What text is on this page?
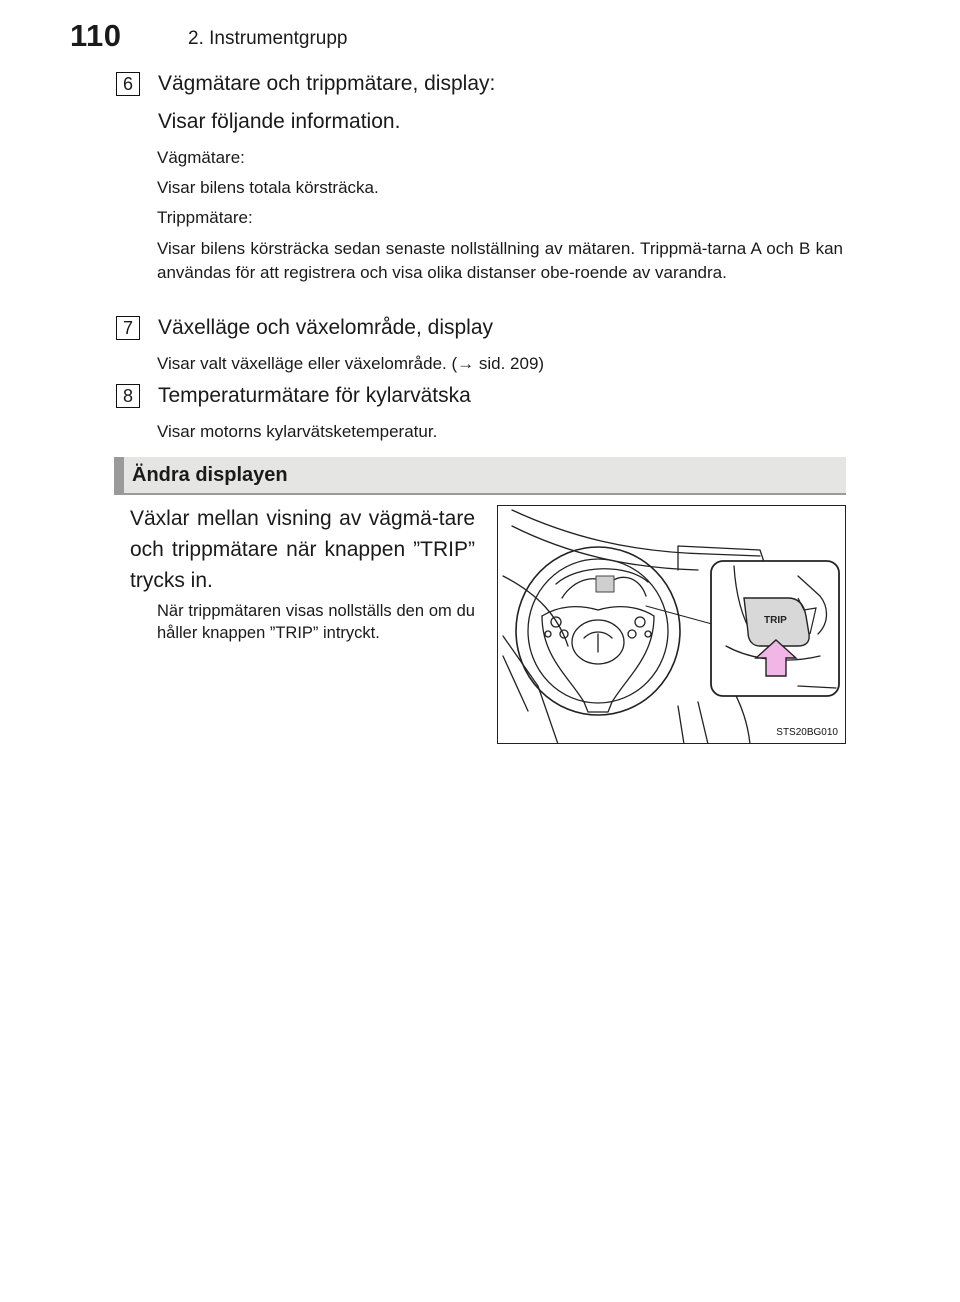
110	2. Instrumentgrupp
6	Vägmätare och trippmätare, display:
Visar följande information.
Vägmätare:
Visar bilens totala körsträcka.
Trippmätare:
Visar bilens körsträcka sedan senaste nollställning av mätaren. Trippmä-tarna A och B kan användas för att registrera och visa olika distanser obe-roende av varandra.
7	Växelläge och växelområde, display
Visar valt växelläge eller växelområde. (→ sid. 209)
8	Temperaturmätare för kylarvätska
Visar motorns kylarvätsketemperatur.
Ändra displayen
Växlar mellan visning av vägmä-tare och trippmätare när knappen ”TRIP” trycks in.
När trippmätaren visas nollställs den om du håller knappen ”TRIP” intryckt.
TRIP
STS20BG010
